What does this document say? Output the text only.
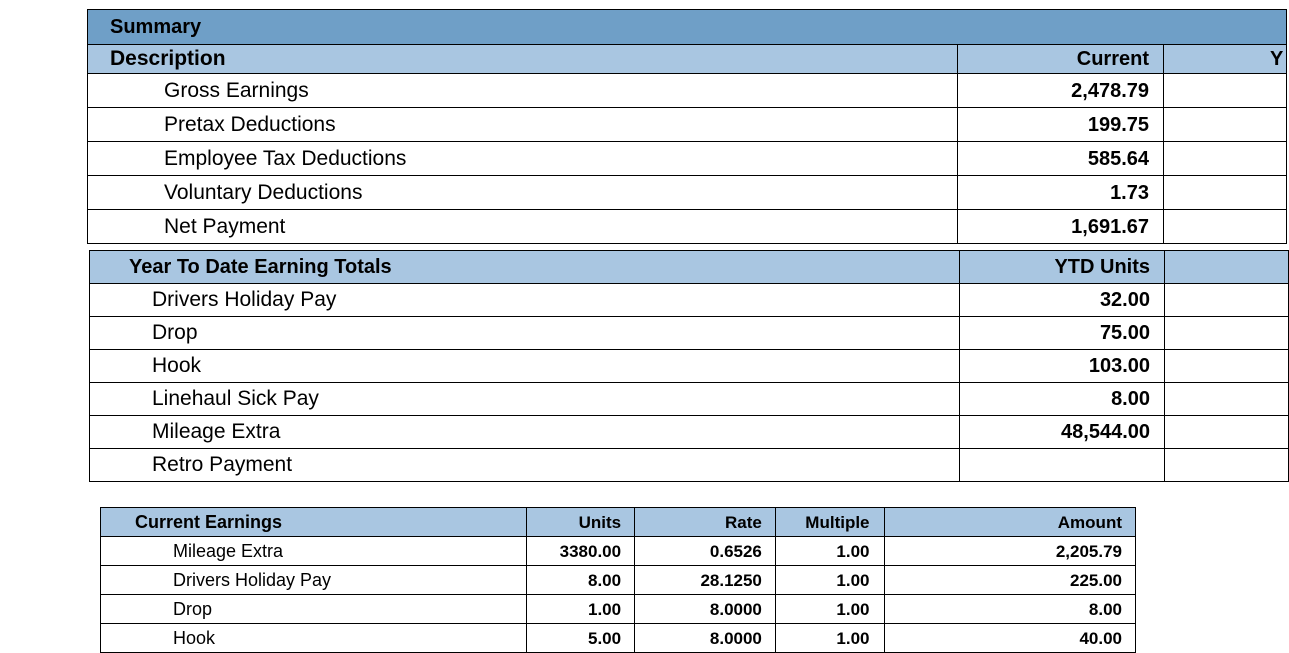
Summary		
Description	Current	Y
Gross Earnings	2,478.79	
Pretax Deductions	199.75	
Employee Tax Deductions	585.64	
Voluntary Deductions	1.73	
Net Payment	1,691.67	
Year To Date Earning Totals	YTD Units	
Drivers Holiday Pay	32.00	
Drop	75.00	
Hook	103.00	
Linehaul Sick Pay	8.00	
Mileage Extra	48,544.00	
Retro Payment		
Current Earnings	Units	Rate	Multiple	Amount
Mileage Extra	3380.00	0.6526	1.00	2,205.79
Drivers Holiday Pay	8.00	28.1250	1.00	225.00
Drop	1.00	8.0000	1.00	8.00
Hook	5.00	8.0000	1.00	40.00
